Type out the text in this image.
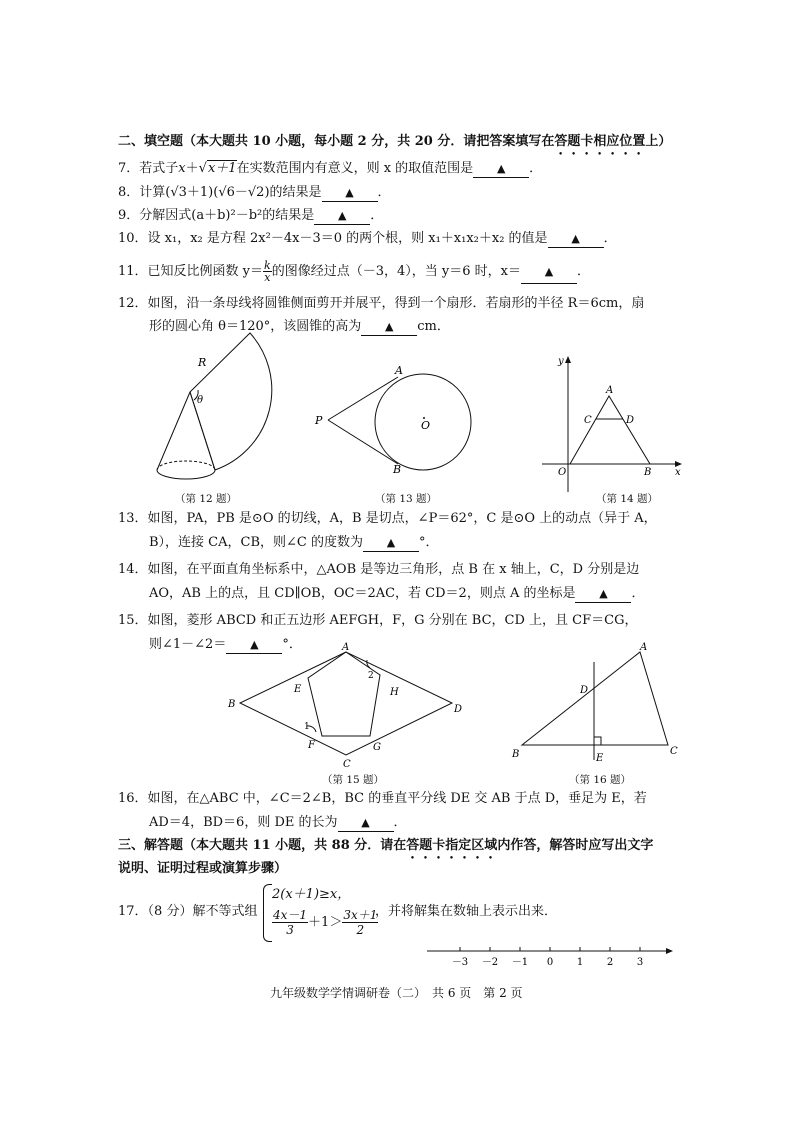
二、填空题（本大题共 10 小题，每小题 2 分，共 20 分．请把答案填写在答题卡相应位置上）
7．若式子x＋√x＋1在实数范围内有意义，则 x 的取值范围是 ▲ ．
8．计算(√3＋1)(√6－√2)的结果是 ▲ ．
9．分解因式(a＋b)²－b²的结果是 ▲ ．
10．设 x₁，x₂ 是方程 2x²－4x－3＝0 的两个根，则 x₁＋x₁x₂＋x₂ 的值是 ▲ ．
11．已知反比例函数 $y= \frac{k}{x}$ 的图像经过点（－3，4），当 y＝6 时，x＝ ▲ ．
12．如图，沿一条母线将圆锥侧面剪开并展平，得到一个扇形．若扇形的半径 R＝6cm，扇
形的圆心角 θ＝120°，该圆锥的高为 ▲ cm．
R
θ
A
B
P	O
y
x
A
C	D
O	B
（第 12 题）	（第 13 题）	（第 14 题）
13．如图，PA，PB 是⊙O 的切线，A，B 是切点，∠P＝62°，C 是⊙O 上的动点（异于 A，
B），连接 CA，CB，则∠C 的度数为 ▲ °．
14．如图，在平面直角坐标系中，△AOB 是等边三角形，点 B 在 x 轴上，C，D 分别是边
AO，AB 上的点，且 CD∥OB，OC＝2AC，若 CD＝2，则点 A 的坐标是 ▲ ．
15．如图，菱形 ABCD 和正五边形 AEFGH，F，G 分别在 BC，CD 上，且 CF＝CG，
则∠1－∠2＝ ▲ °．	A
B
C
D
E
F	G
H
1
2
A
B	C
D
E
（第 15 题）	（第 16 题）
16．如图，在△ABC 中，∠C＝2∠B，BC 的垂直平分线 DE 交 AB 于点 D，垂足为 E，若
AD＝4，BD＝6，则 DE 的长为 ▲ ．
三、解答题（本大题共 11 小题，共 88 分．请在答题卡指定区域内作答，解答时应写出文字
说明、证明过程或演算步骤）
17．（8 分）解不等式组
2(x＋1)≥x，
$\frac{4x-1}{3} +1> \frac{3x+1}{2}$
，并将解集在数轴上表示出来．
－3 －2 －1 0 1 2 3
九年级数学学情调研卷（二）　共 6 页　第 2 页
